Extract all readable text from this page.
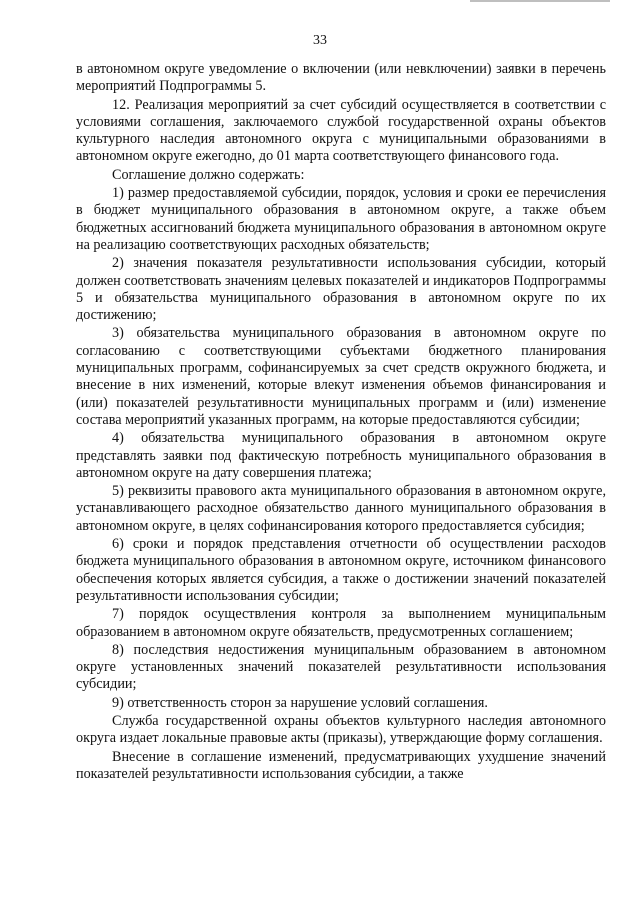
33

в автономном округе уведомление о включении (или невключении) заявки в перечень мероприятий Подпрограммы 5.

12. Реализация мероприятий за счет субсидий осуществляется в соответствии с условиями соглашения, заключаемого службой государственной охраны объектов культурного наследия автономного округа с муниципальными образованиями в автономном округе ежегодно, до 01 марта соответствующего финансового года.

Соглашение должно содержать:

1) размер предоставляемой субсидии, порядок, условия и сроки ее перечисления в бюджет муниципального образования в автономном округе, а также объем бюджетных ассигнований бюджета муниципального образования в автономном округе на реализацию соответствующих расходных обязательств;

2) значения показателя результативности использования субсидии, который должен соответствовать значениям целевых показателей и индикаторов Подпрограммы 5 и обязательства муниципального образования в автономном округе по их достижению;

3) обязательства муниципального образования в автономном округе по согласованию с соответствующими субъектами бюджетного планирования муниципальных программ, софинансируемых за счет средств окружного бюджета, и внесение в них изменений, которые влекут изменения объемов финансирования и (или) показателей результативности муниципальных программ и (или) изменение состава мероприятий указанных программ, на которые предоставляются субсидии;

4) обязательства муниципального образования в автономном округе представлять заявки под фактическую потребность муниципального образования в автономном округе на дату совершения платежа;

5) реквизиты правового акта муниципального образования в автономном округе, устанавливающего расходное обязательство данного муниципального образования в автономном округе, в целях софинансирования которого предоставляется субсидия;

6) сроки и порядок представления отчетности об осуществлении расходов бюджета муниципального образования в автономном округе, источником финансового обеспечения которых является субсидия, а также о достижении значений показателей результативности использования субсидии;

7) порядок осуществления контроля за выполнением муниципальным образованием в автономном округе обязательств, предусмотренных соглашением;

8) последствия недостижения муниципальным образованием в автономном округе установленных значений показателей результативности использования субсидии;

9) ответственность сторон за нарушение условий соглашения.

Служба государственной охраны объектов культурного наследия автономного округа издает локальные правовые акты (приказы), утверждающие форму соглашения.

Внесение в соглашение изменений, предусматривающих ухудшение значений показателей результативности использования субсидии, а также
